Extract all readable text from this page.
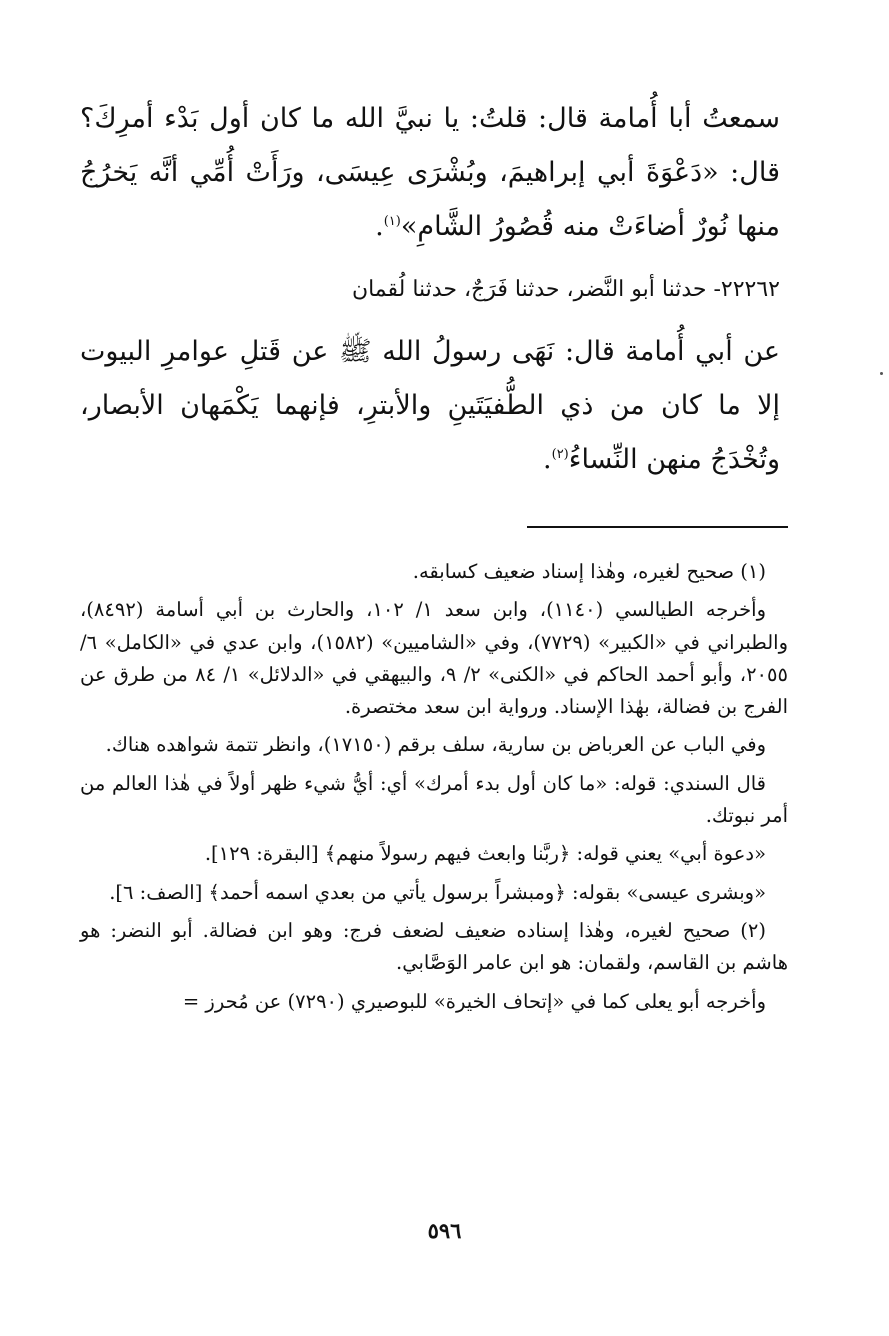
سمعتُ أبا أُمامة قال: قلتُ: يا نبيَّ الله ما كان أول بَدْء أمرِكَ؟ قال: «دَعْوَةَ أبي إبراهيمَ، وبُشْرَى عِيسَى، ورَأَتْ أُمِّي أنَّه يَخرُجُ منها نُورٌ أضاءَتْ منه قُصُورُ الشَّامِ»$^{(١)}$.

٢٢٢٦٢- حدثنا أبو النَّضر، حدثنا فَرَجٌ، حدثنا لُقمان

عن أبي أُمامة قال: نَهَى رسولُ الله ﷺ عن قَتلِ عوامرِ البيوت إلا ما كان من ذي الطُّفيَتَينِ والأبترِ، فإنهما يَكْمَهان الأبصار، وتُخْدَجُ منهن النِّساءُ$^{(٢)}$.

(١) صحيح لغيره، وهٰذا إسناد ضعيف كسابقه.

وأخرجه الطيالسي (١١٤٠)، وابن سعد ١/ ١٠٢، والحارث بن أبي أسامة (٨٤٩٢)، والطبراني في «الكبير» (٧٧٢٩)، وفي «الشاميين» (١٥٨٢)، وابن عدي في «الكامل» ٦/ ٢٠٥٥، وأبو أحمد الحاكم في «الكنى» ٢/ ٩، والبيهقي في «الدلائل» ١/ ٨٤ من طرق عن الفرج بن فضالة، بهٰذا الإسناد. ورواية ابن سعد مختصرة.

وفي الباب عن العرباض بن سارية، سلف برقم (١٧١٥٠)، وانظر تتمة شواهده هناك.

قال السندي: قوله: «ما كان أول بدء أمرك» أي: أيُّ شيء ظهر أولاً في هٰذا العالم من أمر نبوتك.

«دعوة أبي» يعني قوله: ﴿ربَّنا وابعث فيهم رسولاً منهم﴾ [البقرة: ١٢٩].

«وبشرى عيسى» بقوله: ﴿ومبشراً برسول يأتي من بعدي اسمه أحمد﴾ [الصف: ٦].

(٢) صحيح لغيره، وهٰذا إسناده ضعيف لضعف فرج: وهو ابن فضالة. أبو النضر: هو هاشم بن القاسم، ولقمان: هو ابن عامر الوَصَّابي.

وأخرجه أبو يعلى كما في «إتحاف الخيرة» للبوصيري (٧٢٩٠) عن مُحرز =

٥٩٦
